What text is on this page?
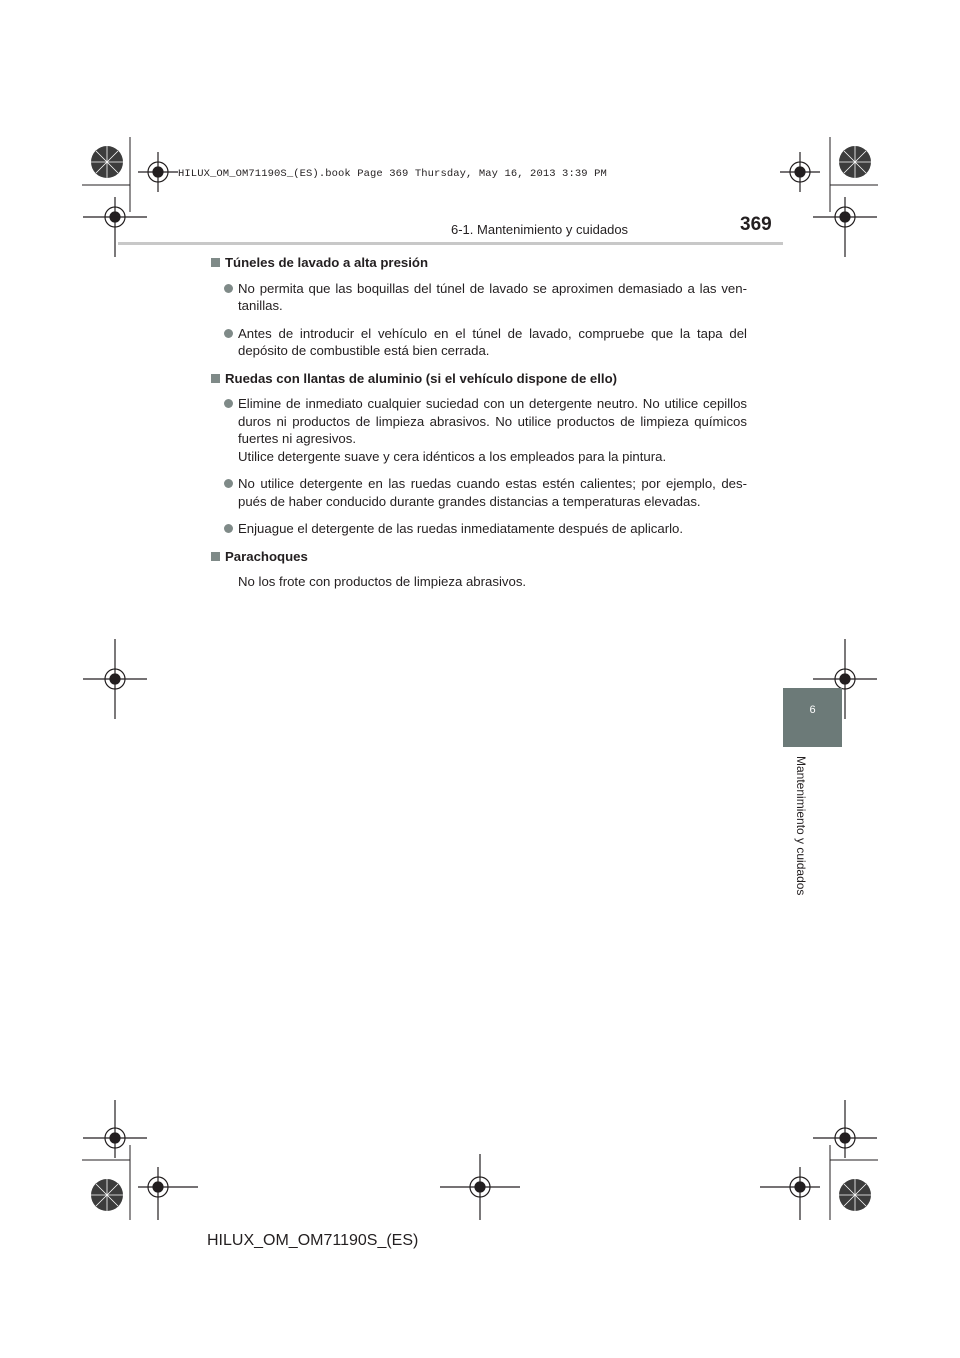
HILUX_OM_OM71190S_(ES).book Page 369 Thursday, May 16, 2013 3:39 PM
6-1. Mantenimiento y cuidados	369
6
Mantenimiento y cuidados
Túneles de lavado a alta presión
No permita que las boquillas del túnel de lavado se aproximen demasiado a las ven-tanillas.
Antes de introducir el vehículo en el túnel de lavado, compruebe que la tapa del depósito de combustible está bien cerrada.
Ruedas con llantas de aluminio (si el vehículo dispone de ello)
Elimine de inmediato cualquier suciedad con un detergente neutro. No utilice cepillos duros ni productos de limpieza abrasivos. No utilice productos de limpieza químicos fuertes ni agresivos.
Utilice detergente suave y cera idénticos a los empleados para la pintura.
No utilice detergente en las ruedas cuando estas estén calientes; por ejemplo, des-pués de haber conducido durante grandes distancias a temperaturas elevadas.
Enjuague el detergente de las ruedas inmediatamente después de aplicarlo.
Parachoques
No los frote con productos de limpieza abrasivos.
HILUX_OM_OM71190S_(ES)
